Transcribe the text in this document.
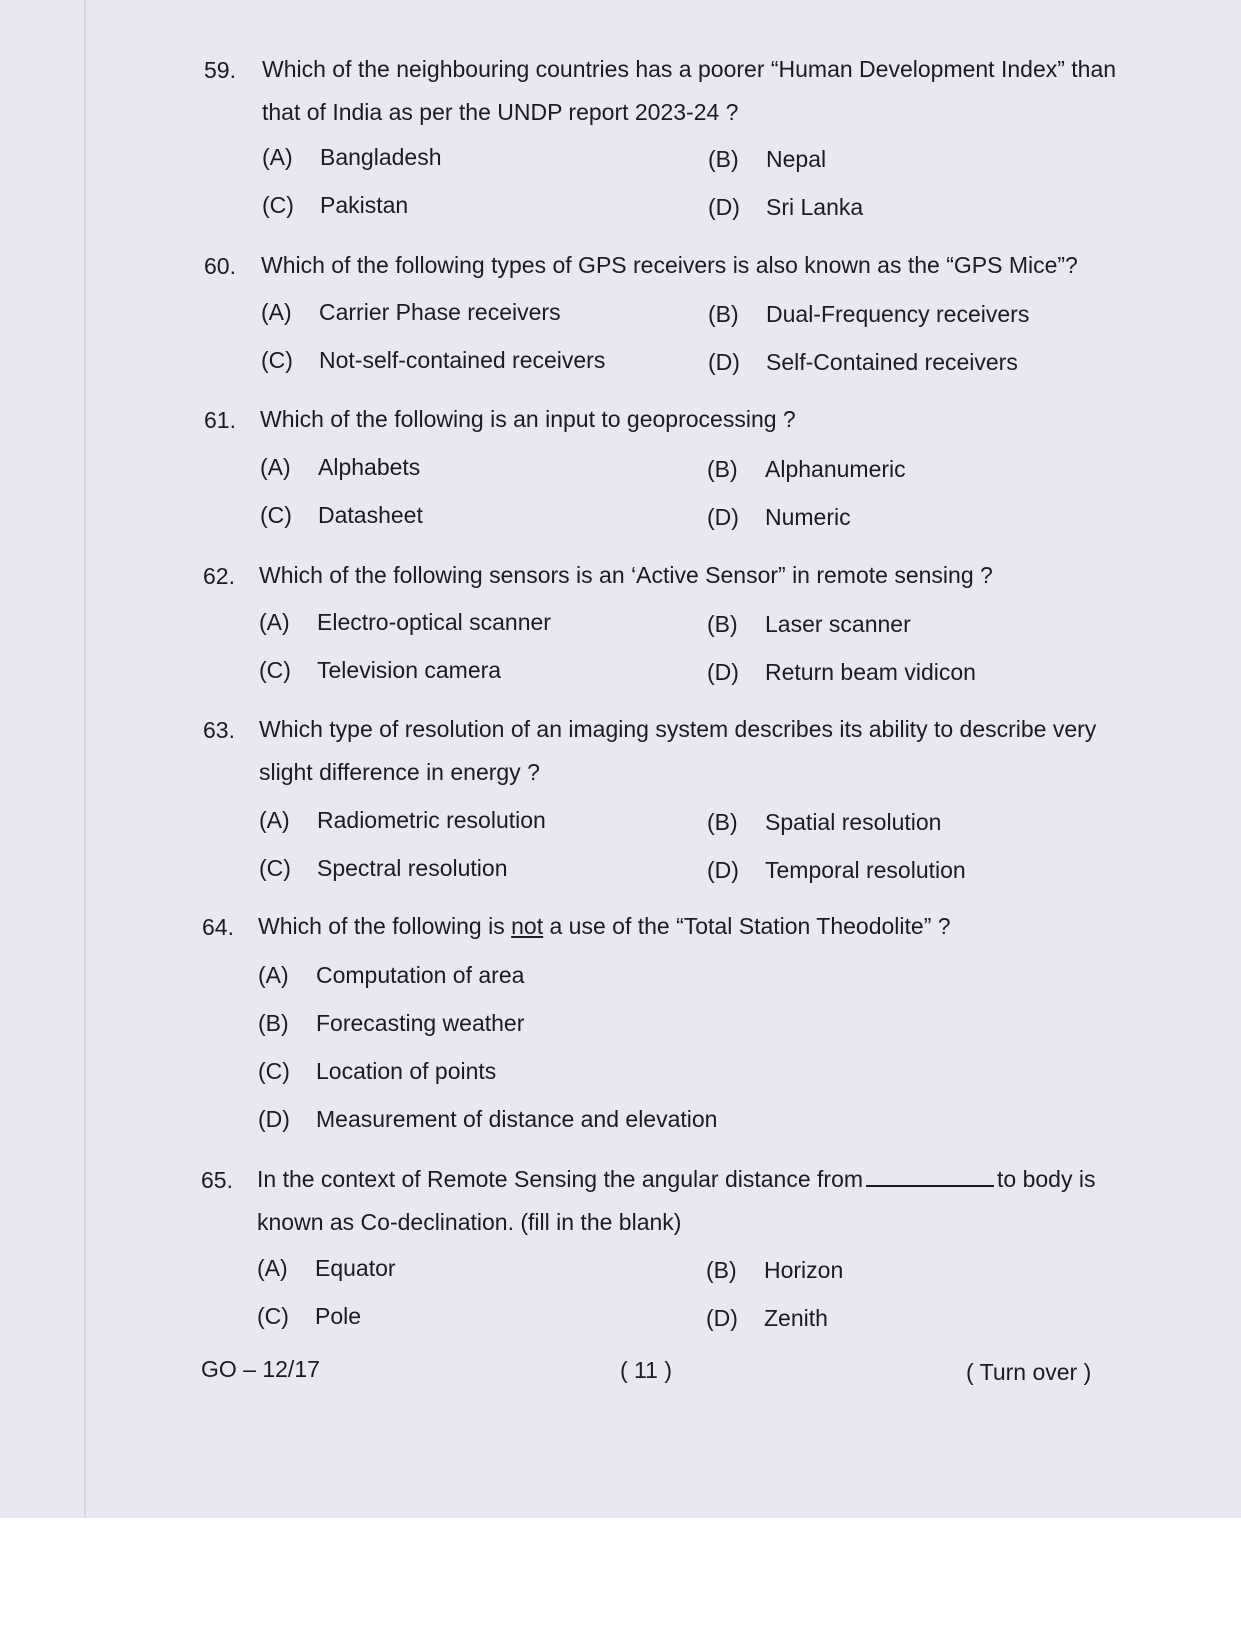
59. Which of the neighbouring countries has a poorer “Human Development Index” than that of India as per the UNDP report 2023-24 ?
(A) Bangladesh	(B) Nepal
(C) Pakistan	(D) Sri Lanka
60. Which of the following types of GPS receivers is also known as the “GPS Mice”?
(A) Carrier Phase receivers	(B) Dual-Frequency receivers
(C) Not-self-contained receivers	(D) Self-Contained receivers
61. Which of the following is an input to geoprocessing ?
(A) Alphabets	(B) Alphanumeric
(C) Datasheet	(D) Numeric
62. Which of the following sensors is an ‘Active Sensor” in remote sensing ?
(A) Electro-optical scanner	(B) Laser scanner
(C) Television camera	(D) Return beam vidicon
63. Which type of resolution of an imaging system describes its ability to describe very slight difference in energy ?
(A) Radiometric resolution	(B) Spatial resolution
(C) Spectral resolution	(D) Temporal resolution
64. Which of the following is not a use of the “Total Station Theodolite” ?
(A) Computation of area
(B) Forecasting weather
(C) Location of points
(D) Measurement of distance and elevation
65. In the context of Remote Sensing the angular distance from	to body is known as Co-declination. (fill in the blank)
(A) Equator	(B) Horizon
(C) Pole	(D) Zenith
GO – 12/17	( 11 )	( Turn over )
